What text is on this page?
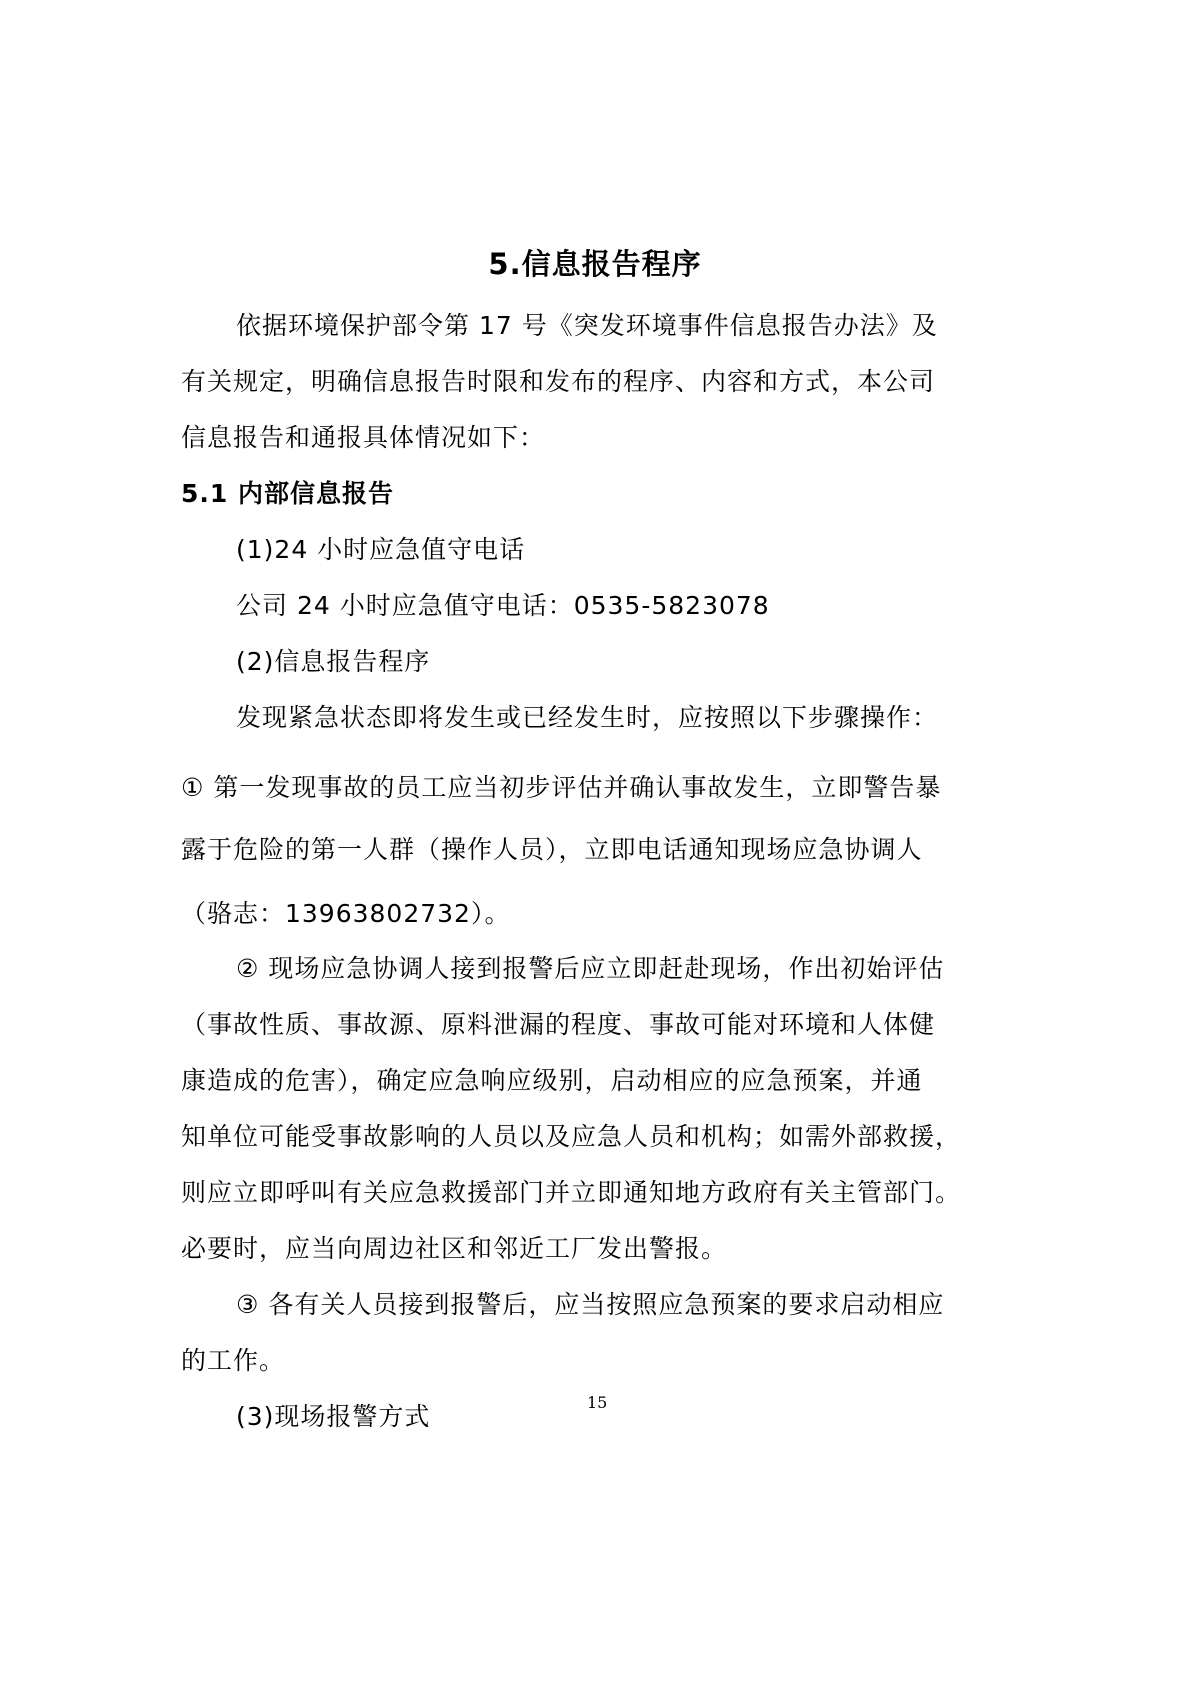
5.信息报告程序
依据环境保护部令第 17 号《突发环境事件信息报告办法》及
有关规定，明确信息报告时限和发布的程序、内容和方式，本公司
信息报告和通报具体情况如下：
5.1 内部信息报告
(1)24 小时应急值守电话
公司 24 小时应急值守电话：0535-5823078
(2)信息报告程序
发现紧急状态即将发生或已经发生时，应按照以下步骤操作：
① 第一发现事故的员工应当初步评估并确认事故发生，立即警告暴
露于危险的第一人群（操作人员），立即电话通知现场应急协调人
（骆志：13963802732）。
② 现场应急协调人接到报警后应立即赶赴现场，作出初始评估
（事故性质、事故源、原料泄漏的程度、事故可能对环境和人体健
康造成的危害），确定应急响应级别，启动相应的应急预案，并通
知单位可能受事故影响的人员以及应急人员和机构；如需外部救援，
则应立即呼叫有关应急救援部门并立即通知地方政府有关主管部门。
必要时，应当向周边社区和邻近工厂发出警报。
③ 各有关人员接到报警后，应当按照应急预案的要求启动相应
的工作。
(3)现场报警方式	15
